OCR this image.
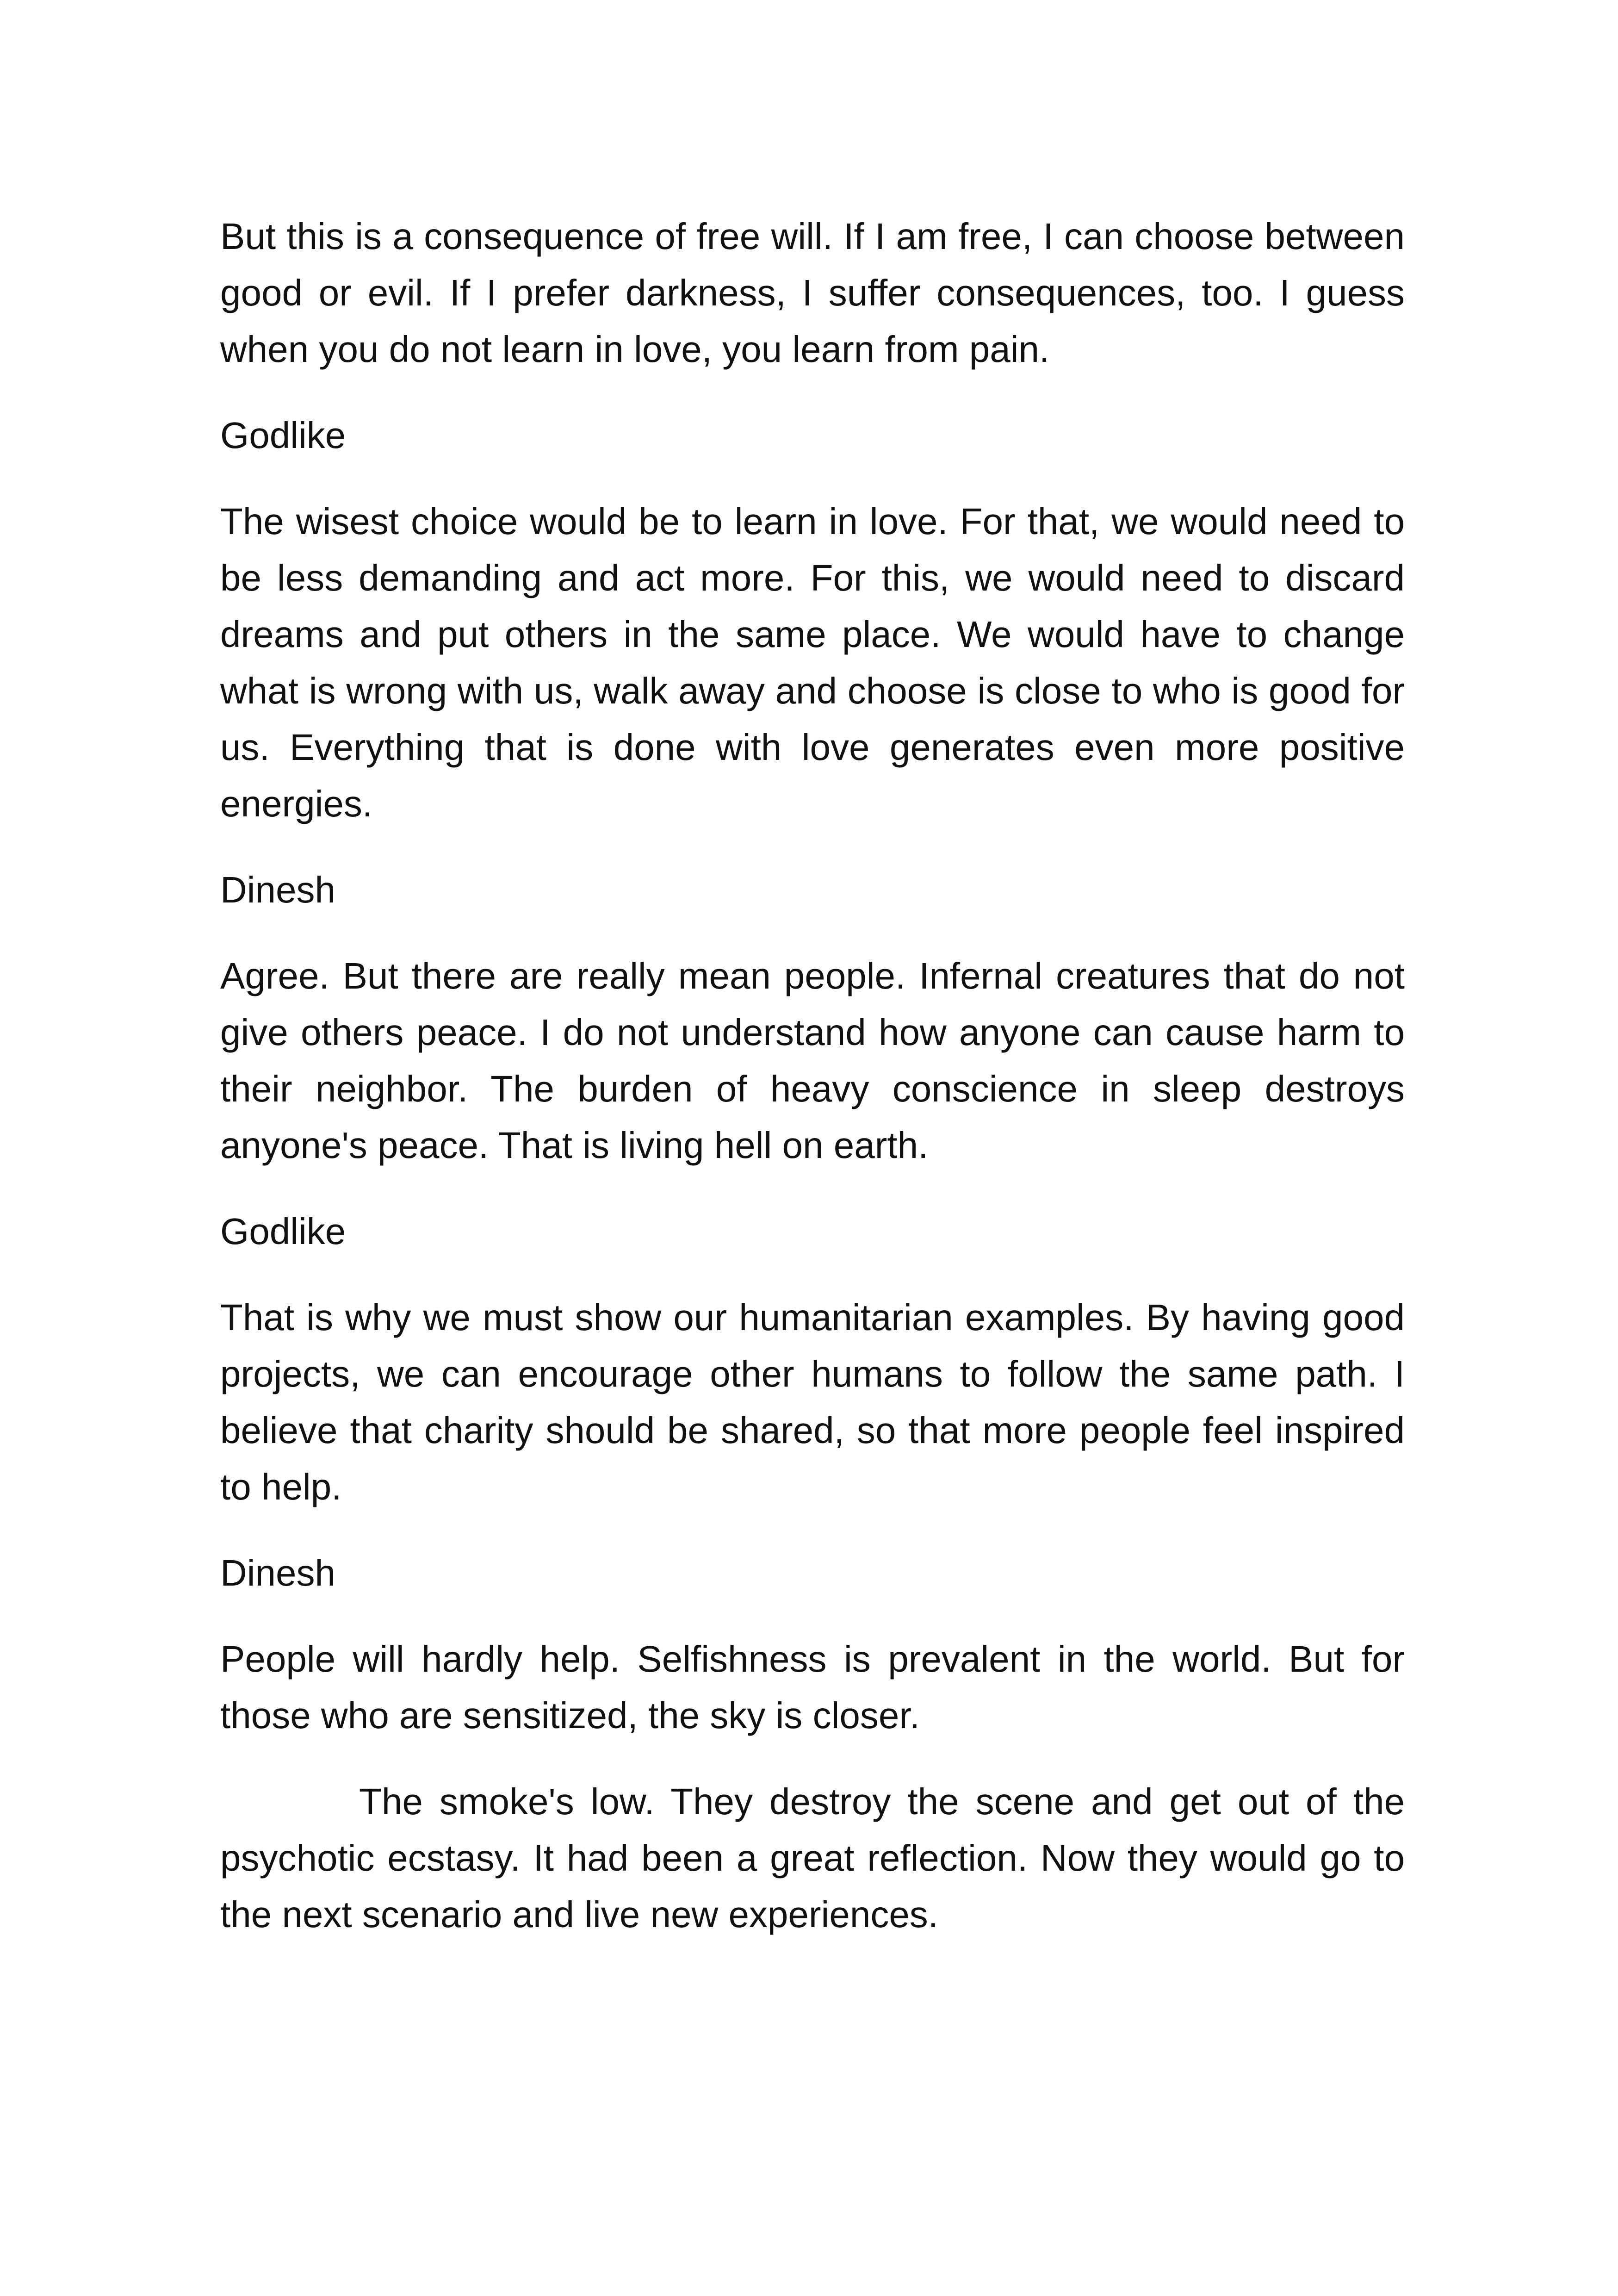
But this is a consequence of free will. If I am free, I can choose between good or evil. If I prefer darkness, I suffer consequences, too. I guess when you do not learn in love, you learn from pain.

Godlike

The wisest choice would be to learn in love. For that, we would need to be less demanding and act more. For this, we would need to discard dreams and put others in the same place. We would have to change what is wrong with us, walk away and choose is close to who is good for us. Everything that is done with love generates even more positive energies.

Dinesh

Agree. But there are really mean people. Infernal creatures that do not give others peace. I do not understand how anyone can cause harm to their neighbor. The burden of heavy conscience in sleep destroys anyone's peace. That is living hell on earth.

Godlike

That is why we must show our humanitarian examples. By having good projects, we can encourage other humans to follow the same path. I believe that charity should be shared, so that more people feel inspired to help.

Dinesh

People will hardly help. Selfishness is prevalent in the world. But for those who are sensitized, the sky is closer.

The smoke's low. They destroy the scene and get out of the psychotic ecstasy. It had been a great reflection. Now they would go to the next scenario and live new experiences.
